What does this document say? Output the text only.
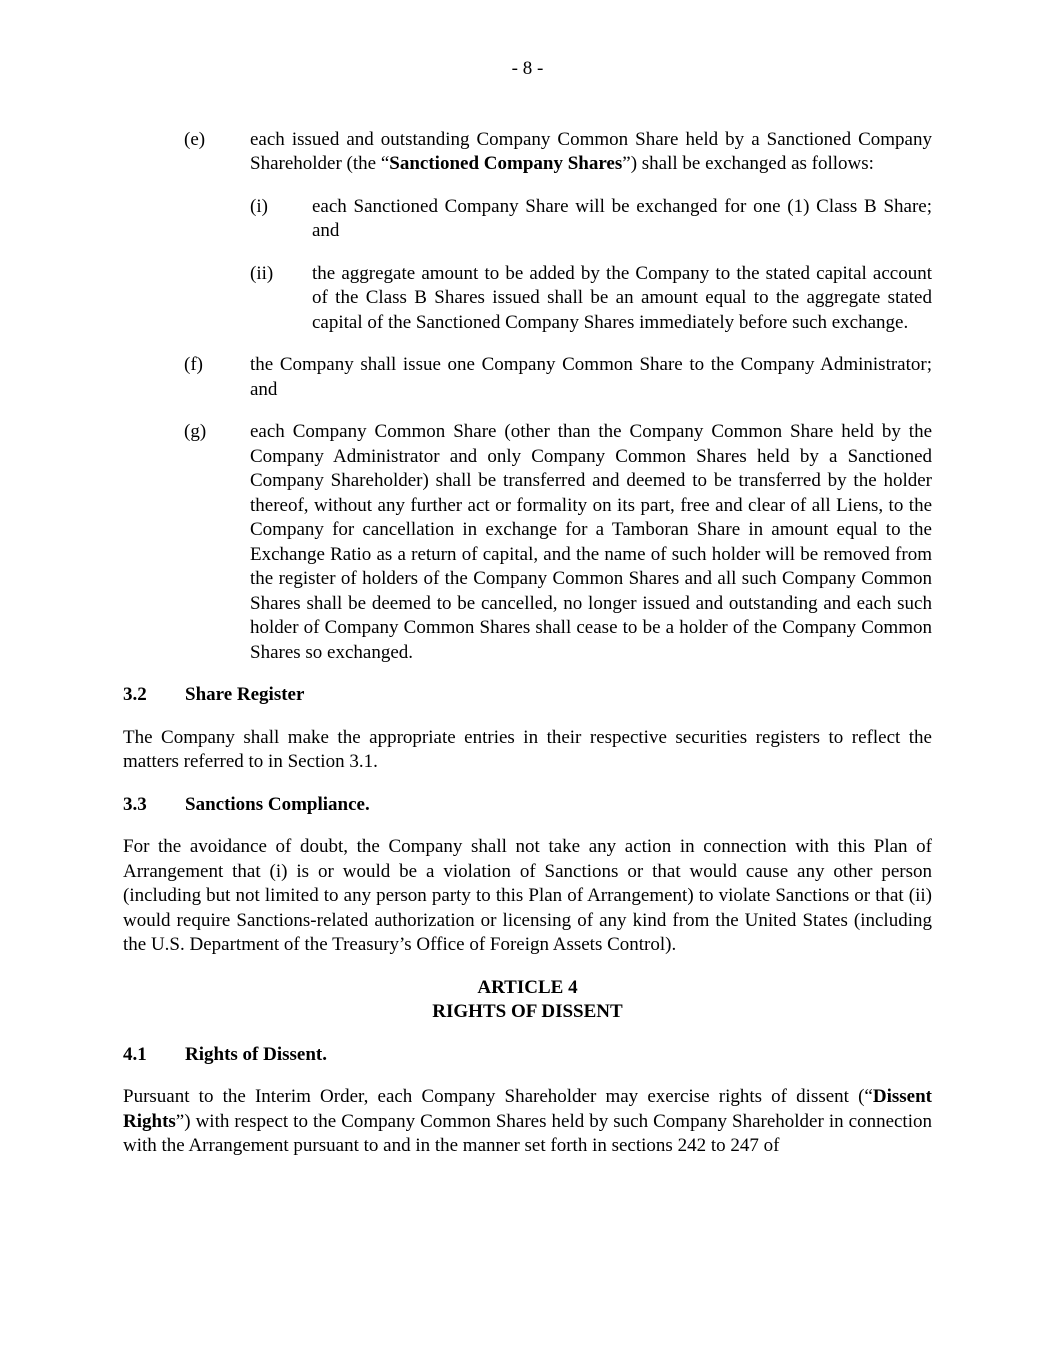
- 8 -
(e) each issued and outstanding Company Common Share held by a Sanctioned Company Shareholder (the “Sanctioned Company Shares”) shall be exchanged as follows:
(i) each Sanctioned Company Share will be exchanged for one (1) Class B Share; and
(ii) the aggregate amount to be added by the Company to the stated capital account of the Class B Shares issued shall be an amount equal to the aggregate stated capital of the Sanctioned Company Shares immediately before such exchange.
(f) the Company shall issue one Company Common Share to the Company Administrator; and
(g) each Company Common Share (other than the Company Common Share held by the Company Administrator and only Company Common Shares held by a Sanctioned Company Shareholder) shall be transferred and deemed to be transferred by the holder thereof, without any further act or formality on its part, free and clear of all Liens, to the Company for cancellation in exchange for a Tamboran Share in amount equal to the Exchange Ratio as a return of capital, and the name of such holder will be removed from the register of holders of the Company Common Shares and all such Company Common Shares shall be deemed to be cancelled, no longer issued and outstanding and each such holder of Company Common Shares shall cease to be a holder of the Company Common Shares so exchanged.
3.2 Share Register

The Company shall make the appropriate entries in their respective securities registers to reflect the matters referred to in Section 3.1.

3.3 Sanctions Compliance.

For the avoidance of doubt, the Company shall not take any action in connection with this Plan of Arrangement that (i) is or would be a violation of Sanctions or that would cause any other person (including but not limited to any person party to this Plan of Arrangement) to violate Sanctions or that (ii) would require Sanctions-related authorization or licensing of any kind from the United States (including the U.S. Department of the Treasury’s Office of Foreign Assets Control).

ARTICLE 4
RIGHTS OF DISSENT
4.1 Rights of Dissent.

Pursuant to the Interim Order, each Company Shareholder may exercise rights of dissent (“Dissent Rights”) with respect to the Company Common Shares held by such Company Shareholder in connection with the Arrangement pursuant to and in the manner set forth in sections 242 to 247 of
